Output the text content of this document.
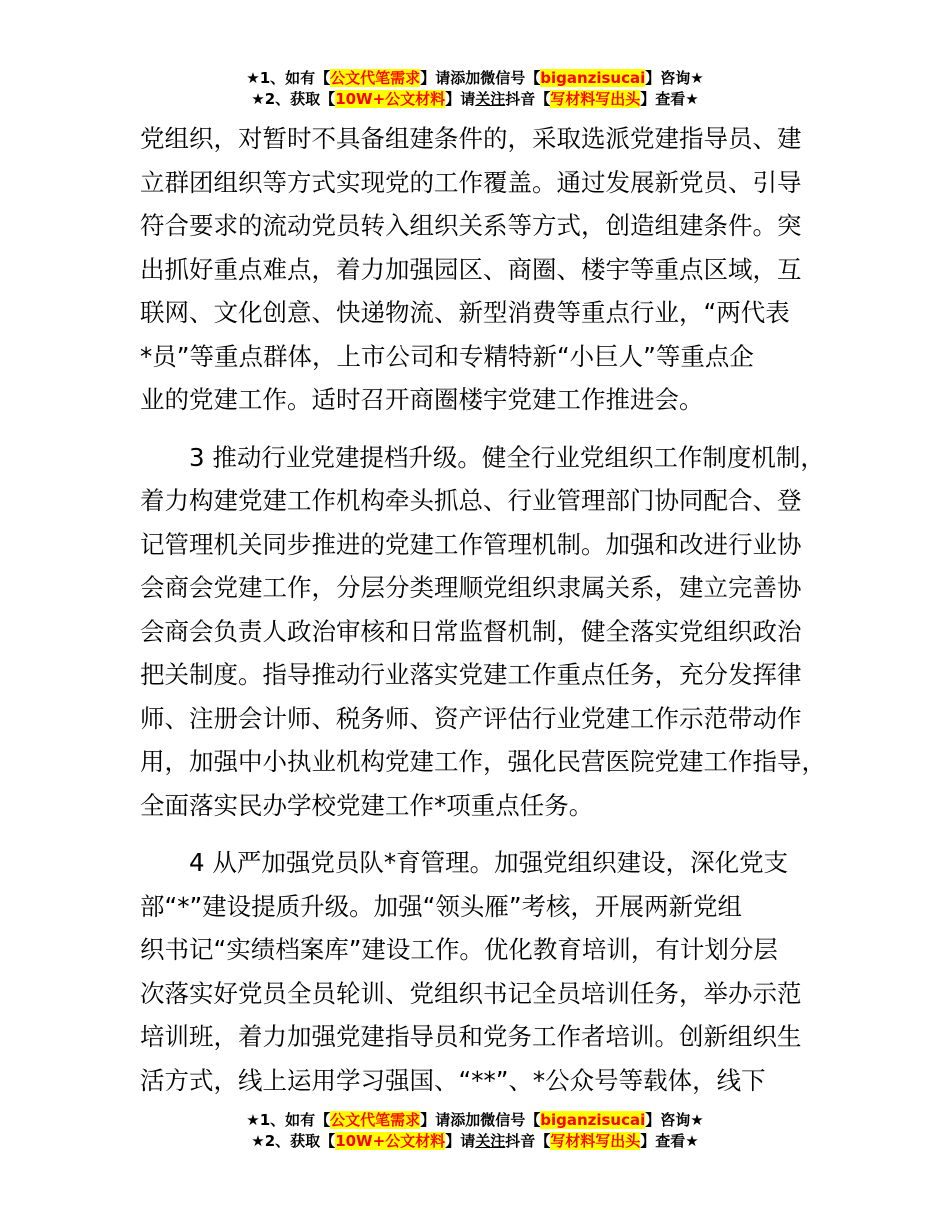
★1、如有【公文代笔需求】请添加微信号【biganzisucai】咨询★
★2、获取【10W+公文材料】请关注抖音【写材料写出头】查看★

党组织，对暂时不具备组建条件的，采取选派党建指导员、建
立群团组织等方式实现党的工作覆盖。通过发展新党员、引导
符合要求的流动党员转入组织关系等方式，创造组建条件。突
出抓好重点难点，着力加强园区、商圈、楼宇等重点区域，互
联网、文化创意、快递物流、新型消费等重点行业，“两代表
*员”等重点群体，上市公司和专精特新“小巨人”等重点企
业的党建工作。适时召开商圈楼宇党建工作推进会。

3 推动行业党建提档升级。健全行业党组织工作制度机制，
着力构建党建工作机构牵头抓总、行业管理部门协同配合、登
记管理机关同步推进的党建工作管理机制。加强和改进行业协
会商会党建工作，分层分类理顺党组织隶属关系，建立完善协
会商会负责人政治审核和日常监督机制，健全落实党组织政治
把关制度。指导推动行业落实党建工作重点任务，充分发挥律
师、注册会计师、税务师、资产评估行业党建工作示范带动作
用，加强中小执业机构党建工作，强化民营医院党建工作指导，
全面落实民办学校党建工作*项重点任务。

4 从严加强党员队*育管理。加强党组织建设，深化党支
部“*”建设提质升级。加强“领头雁”考核，开展两新党组
织书记“实绩档案库”建设工作。优化教育培训，有计划分层
次落实好党员全员轮训、党组织书记全员培训任务，举办示范
培训班，着力加强党建指导员和党务工作者培训。创新组织生
活方式，线上运用学习强国、“**”、*公众号等载体，线下

★1、如有【公文代笔需求】请添加微信号【biganzisucai】咨询★
★2、获取【10W+公文材料】请关注抖音【写材料写出头】查看★
